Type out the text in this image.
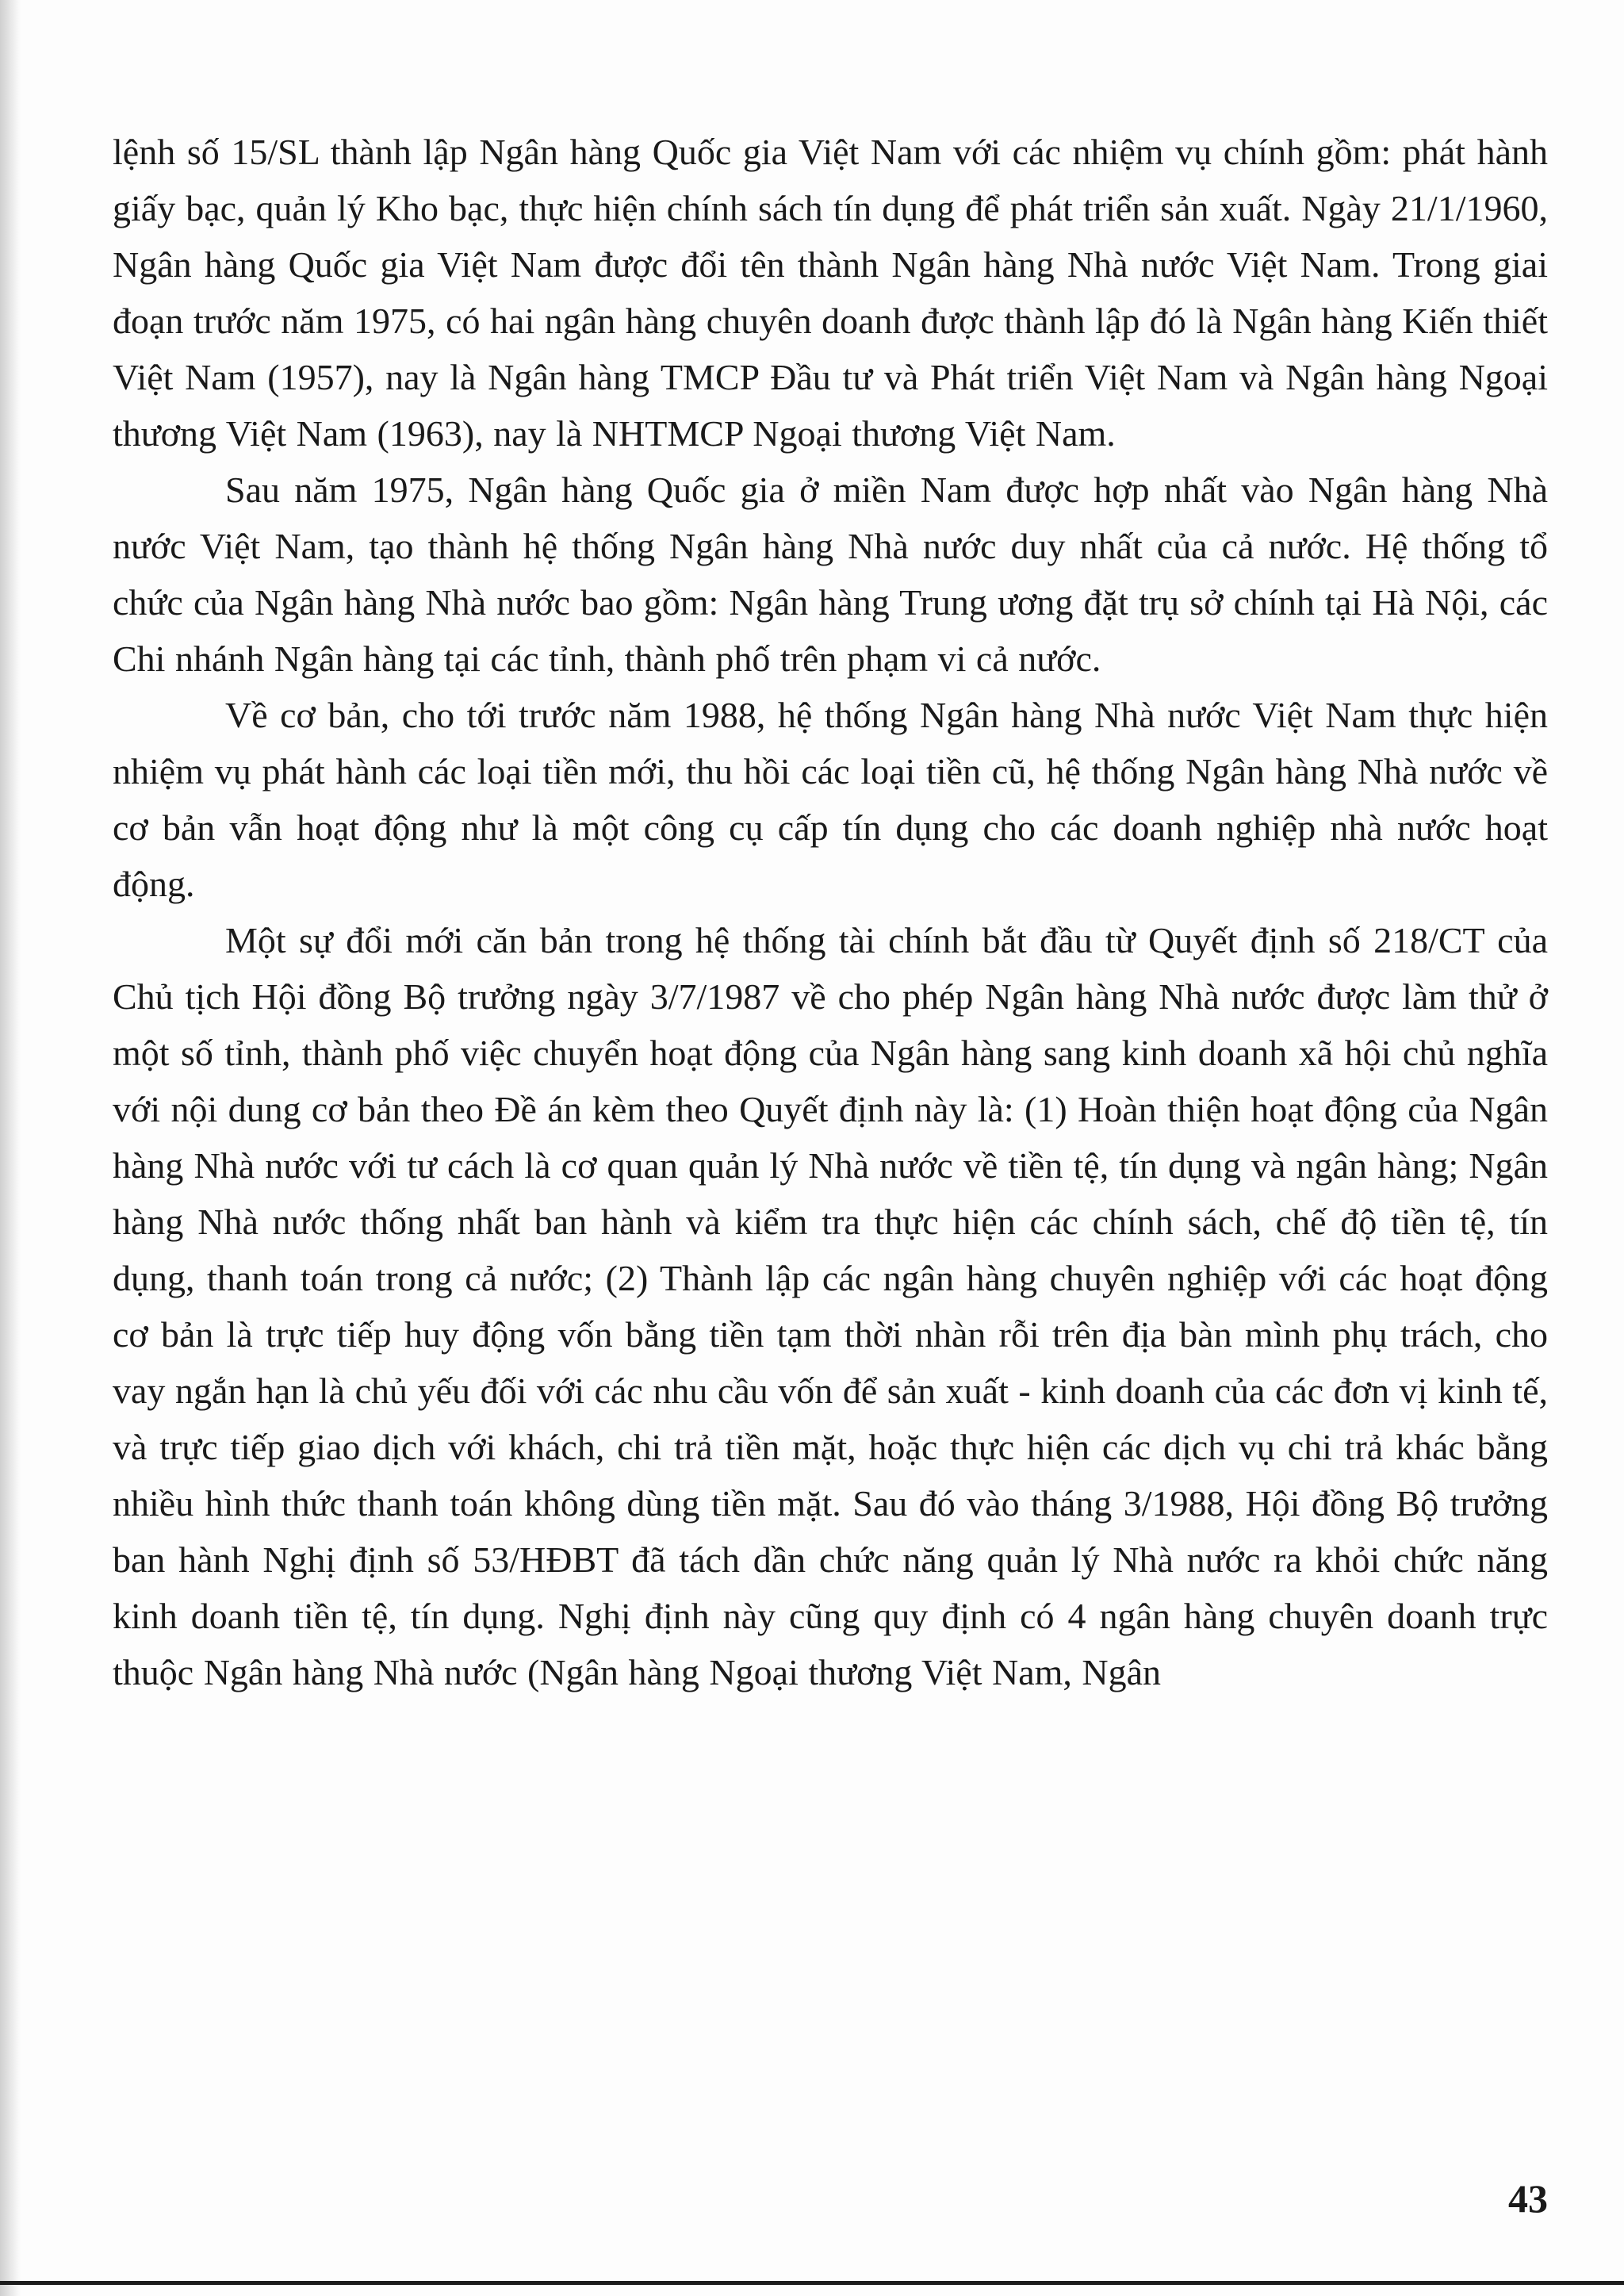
lệnh số 15/SL thành lập Ngân hàng Quốc gia Việt Nam với các nhiệm vụ chính gồm: phát hành giấy bạc, quản lý Kho bạc, thực hiện chính sách tín dụng để phát triển sản xuất. Ngày 21/1/1960, Ngân hàng Quốc gia Việt Nam được đổi tên thành Ngân hàng Nhà nước Việt Nam. Trong giai đoạn trước năm 1975, có hai ngân hàng chuyên doanh được thành lập đó là Ngân hàng Kiến thiết Việt Nam (1957), nay là Ngân hàng TMCP Đầu tư và Phát triển Việt Nam và Ngân hàng Ngoại thương Việt Nam (1963), nay là NHTMCP Ngoại thương Việt Nam.

Sau năm 1975, Ngân hàng Quốc gia ở miền Nam được hợp nhất vào Ngân hàng Nhà nước Việt Nam, tạo thành hệ thống Ngân hàng Nhà nước duy nhất của cả nước. Hệ thống tổ chức của Ngân hàng Nhà nước bao gồm: Ngân hàng Trung ương đặt trụ sở chính tại Hà Nội, các Chi nhánh Ngân hàng tại các tỉnh, thành phố trên phạm vi cả nước.

Về cơ bản, cho tới trước năm 1988, hệ thống Ngân hàng Nhà nước Việt Nam thực hiện nhiệm vụ phát hành các loại tiền mới, thu hồi các loại tiền cũ, hệ thống Ngân hàng Nhà nước về cơ bản vẫn hoạt động như là một công cụ cấp tín dụng cho các doanh nghiệp nhà nước hoạt động.

Một sự đổi mới căn bản trong hệ thống tài chính bắt đầu từ Quyết định số 218/CT của Chủ tịch Hội đồng Bộ trưởng ngày 3/7/1987 về cho phép Ngân hàng Nhà nước được làm thử ở một số tỉnh, thành phố việc chuyển hoạt động của Ngân hàng sang kinh doanh xã hội chủ nghĩa với nội dung cơ bản theo Đề án kèm theo Quyết định này là: (1) Hoàn thiện hoạt động của Ngân hàng Nhà nước với tư cách là cơ quan quản lý Nhà nước về tiền tệ, tín dụng và ngân hàng; Ngân hàng Nhà nước thống nhất ban hành và kiểm tra thực hiện các chính sách, chế độ tiền tệ, tín dụng, thanh toán trong cả nước; (2) Thành lập các ngân hàng chuyên nghiệp với các hoạt động cơ bản là trực tiếp huy động vốn bằng tiền tạm thời nhàn rỗi trên địa bàn mình phụ trách, cho vay ngắn hạn là chủ yếu đối với các nhu cầu vốn để sản xuất - kinh doanh của các đơn vị kinh tế, và trực tiếp giao dịch với khách, chi trả tiền mặt, hoặc thực hiện các dịch vụ chi trả khác bằng nhiều hình thức thanh toán không dùng tiền mặt. Sau đó vào tháng 3/1988, Hội đồng Bộ trưởng ban hành Nghị định số 53/HĐBT đã tách dần chức năng quản lý Nhà nước ra khỏi chức năng kinh doanh tiền tệ, tín dụng. Nghị định này cũng quy định có 4 ngân hàng chuyên doanh trực thuộc Ngân hàng Nhà nước (Ngân hàng Ngoại thương Việt Nam, Ngân

43
